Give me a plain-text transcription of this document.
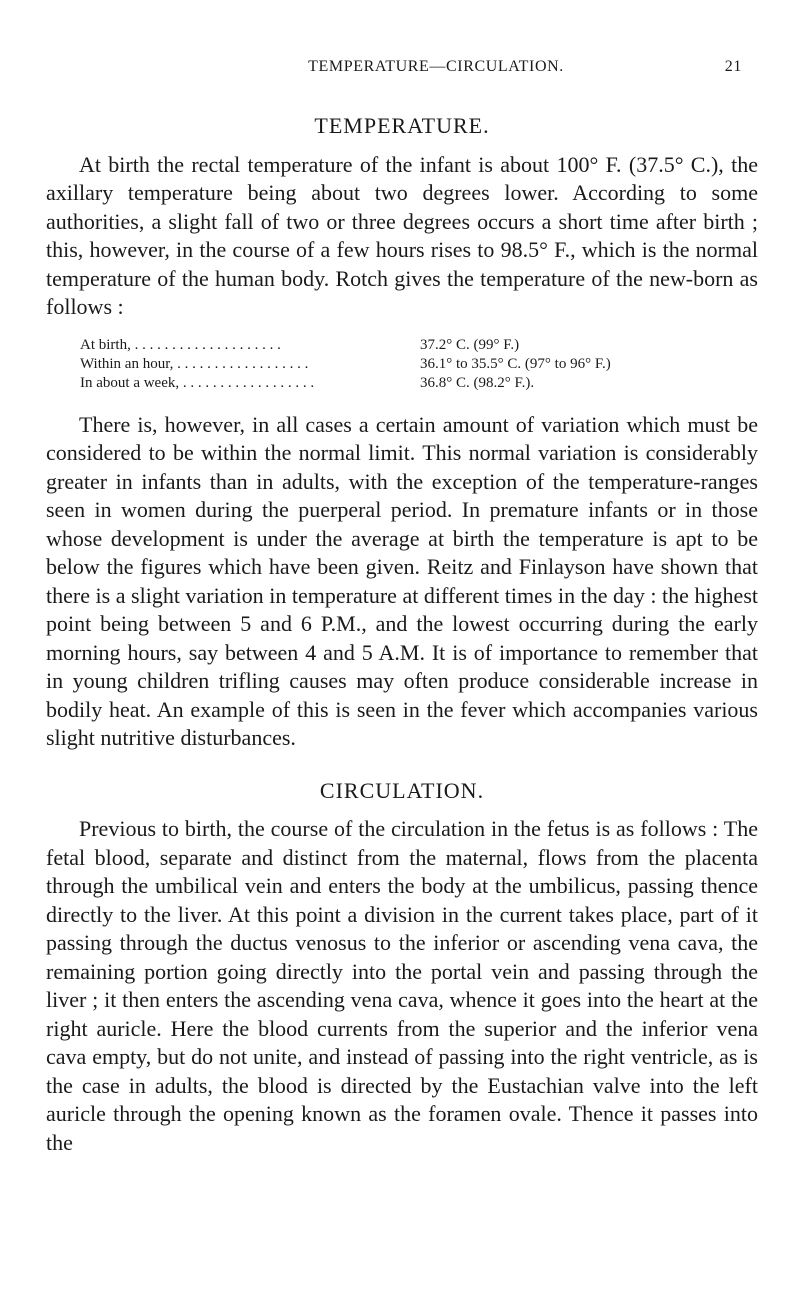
TEMPERATURE—CIRCULATION.	21
TEMPERATURE.

At birth the rectal temperature of the infant is about 100° F. (37.5° C.), the axillary temperature being about two degrees lower. According to some authorities, a slight fall of two or three degrees occurs a short time after birth ; this, however, in the course of a few hours rises to 98.5° F., which is the normal temperature of the human body. Rotch gives the temperature of the new-born as follows :

At birth, . . . . . . . . . . . . . . . . . . . .	37.2° C. (99° F.)
Within an hour, . . . . . . . . . . . . . . . . . .	36.1° to 35.5° C. (97° to 96° F.)
In about a week, . . . . . . . . . . . . . . . . . .	36.8° C. (98.2° F.).

There is, however, in all cases a certain amount of variation which must be considered to be within the normal limit. This normal variation is considerably greater in infants than in adults, with the exception of the temperature-ranges seen in women during the puerperal period. In premature infants or in those whose development is under the average at birth the temperature is apt to be below the figures which have been given. Reitz and Finlayson have shown that there is a slight variation in temperature at different times in the day : the highest point being between 5 and 6 P.M., and the lowest occurring during the early morning hours, say between 4 and 5 A.M. It is of importance to remember that in young children trifling causes may often produce considerable increase in bodily heat. An example of this is seen in the fever which accompanies various slight nutritive disturbances.

CIRCULATION.

Previous to birth, the course of the circulation in the fetus is as follows : The fetal blood, separate and distinct from the maternal, flows from the placenta through the umbilical vein and enters the body at the umbilicus, passing thence directly to the liver. At this point a division in the current takes place, part of it passing through the ductus venosus to the inferior or ascending vena cava, the remaining portion going directly into the portal vein and passing through the liver ; it then enters the ascending vena cava, whence it goes into the heart at the right auricle. Here the blood currents from the superior and the inferior vena cava empty, but do not unite, and instead of passing into the right ventricle, as is the case in adults, the blood is directed by the Eustachian valve into the left auricle through the opening known as the foramen ovale. Thence it passes into the
